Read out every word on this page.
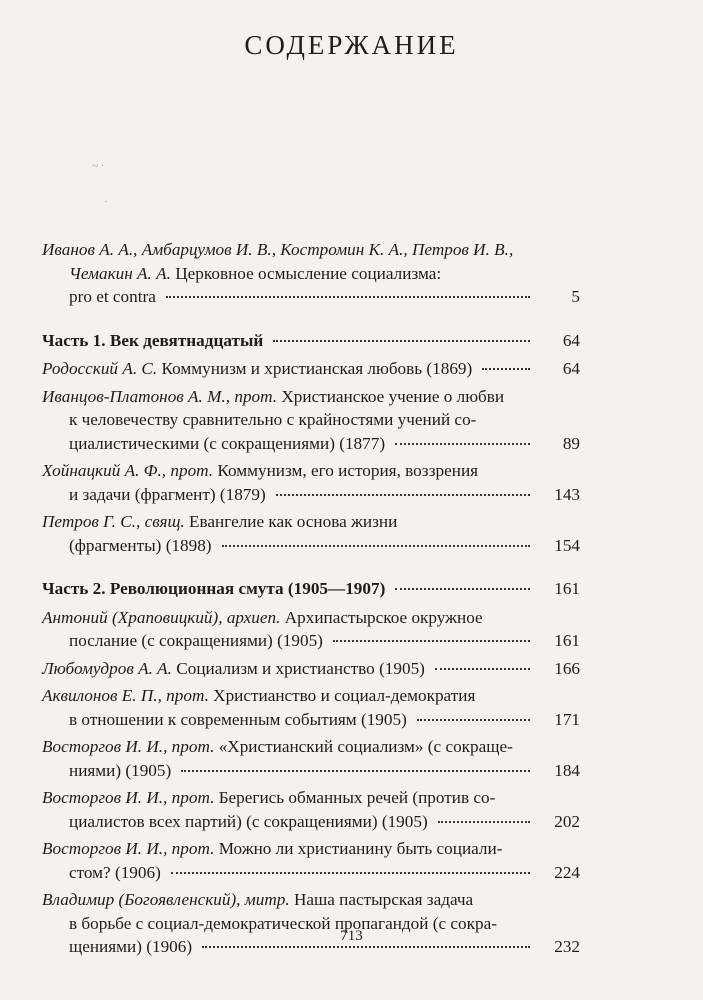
СОДЕРЖАНИЕ
~ ·
·
Иванов А. А., Амбарцумов И. В., Костромин К. А., Петров И. В.,
Чемакин А. А. Церковное осмысление социализма:
pro et contra	5
Часть 1. Век девятнадцатый	64
Родосский А. С. Коммунизм и христианская любовь (1869)	64
Иванцов-Платонов А. М., прот. Христианское учение о любви
к человечеству сравнительно с крайностями учений со-
циалистическими (с сокращениями) (1877)	89
Хойнацкий А. Ф., прот. Коммунизм, его история, воззрения
и задачи (фрагмент) (1879)	143
Петров Г. С., свящ. Евангелие как основа жизни
(фрагменты) (1898)	154
Часть 2. Революционная смута (1905—1907)	161
Антоний (Храповицкий), архиеп. Архипастырское окружное
послание (с сокращениями) (1905)	161
Любомудров А. А. Социализм и христианство (1905)	166
Аквилонов Е. П., прот. Христианство и социал-демократия
в отношении к современным событиям (1905)	171
Восторгов И. И., прот. «Христианский социализм» (с сокраще-
ниями) (1905)	184
Восторгов И. И., прот. Берегись обманных речей (против со-
циалистов всех партий) (с сокращениями) (1905)	202
Восторгов И. И., прот. Можно ли христианину быть социали-
стом? (1906)	224
Владимир (Богоявленский), митр. Наша пастырская задача
в борьбе с социал-демократической пропагандой (с сокра-
щениями) (1906)	232
713
